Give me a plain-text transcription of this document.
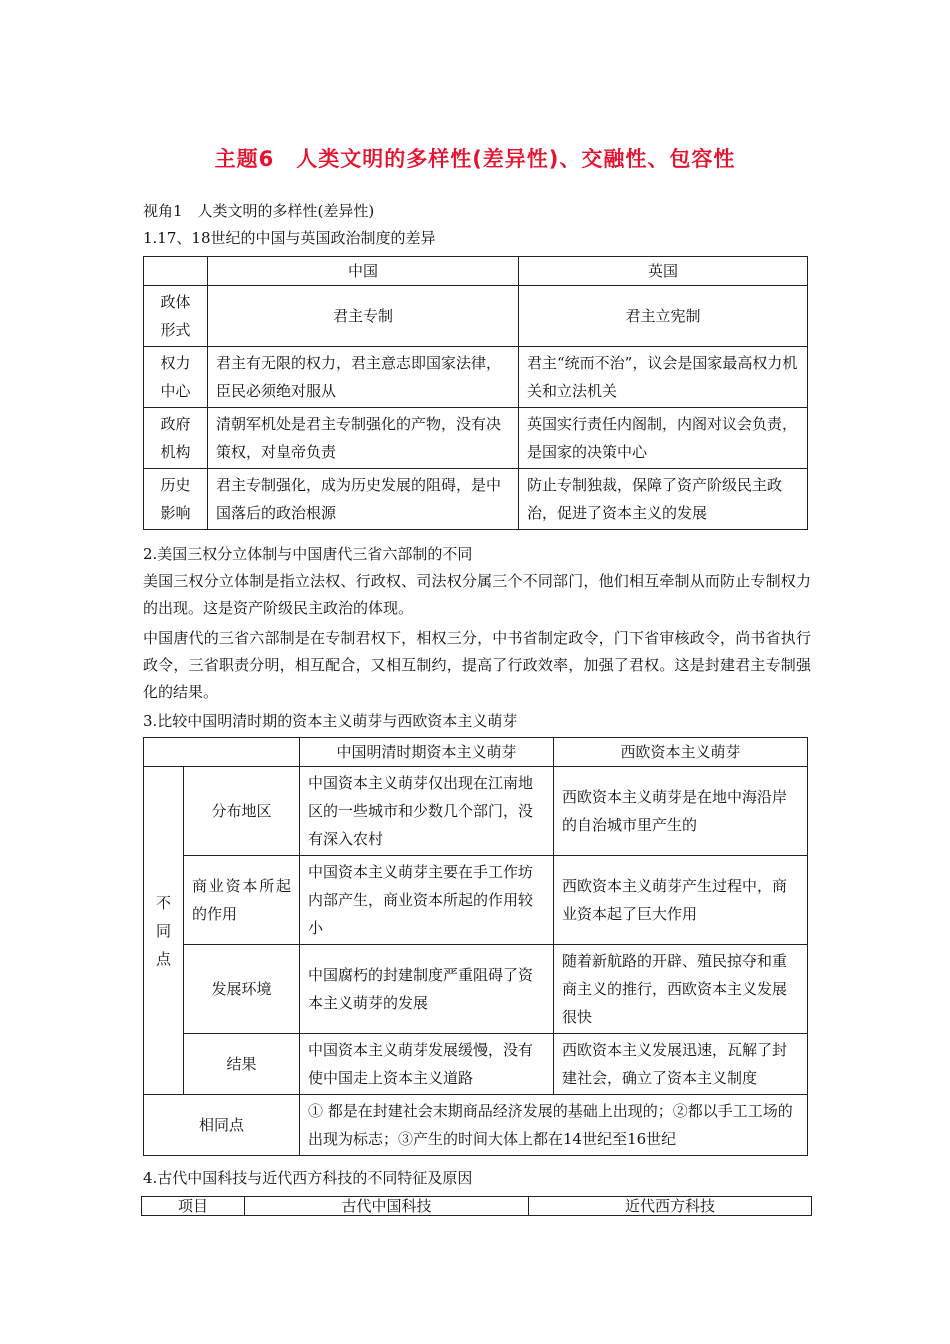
主题6　人类文明的多样性(差异性)、交融性、包容性
视角1　人类文明的多样性(差异性)
1.17、18世纪的中国与英国政治制度的差异
	中国	英国
政体
形式	君主专制	君主立宪制
权力
中心	君主有无限的权力，君主意志即国家法律，臣民必须绝对服从	君主“统而不治”，议会是国家最高权力机关和立法机关
政府
机构	清朝军机处是君主专制强化的产物，没有决策权，对皇帝负责	英国实行责任内阁制，内阁对议会负责，是国家的决策中心
历史
影响	君主专制强化，成为历史发展的阻碍，是中国落后的政治根源	防止专制独裁，保障了资产阶级民主政治，促进了资本主义的发展
2.美国三权分立体制与中国唐代三省六部制的不同

美国三权分立体制是指立法权、行政权、司法权分属三个不同部门，他们相互牵制从而防止专制权力的出现。这是资产阶级民主政治的体现。

中国唐代的三省六部制是在专制君权下，相权三分，中书省制定政令，门下省审核政令，尚书省执行政令，三省职责分明，相互配合，又相互制约，提高了行政效率，加强了君权。这是封建君主专制强化的结果。

3.比较中国明清时期的资本主义萌芽与西欧资本主义萌芽
		中国明清时期资本主义萌芽	西欧资本主义萌芽
不
同
点	分布地区	中国资本主义萌芽仅出现在江南地区的一些城市和少数几个部门，没有深入农村	西欧资本主义萌芽是在地中海沿岸的自治城市里产生的
	商业资本所起的作用	中国资本主义萌芽主要在手工作坊内部产生，商业资本所起的作用较小	西欧资本主义萌芽产生过程中，商业资本起了巨大作用
	发展环境	中国腐朽的封建制度严重阻碍了资本主义萌芽的发展	随着新航路的开辟、殖民掠夺和重商主义的推行，西欧资本主义发展很快
	结果	中国资本主义萌芽发展缓慢，没有使中国走上资本主义道路	西欧资本主义发展迅速，瓦解了封建社会，确立了资本主义制度
相同点		① 都是在封建社会末期商品经济发展的基础上出现的；②都以手工工场的出现为标志；③产生的时间大体上都在14世纪至16世纪	
4.古代中国科技与近代西方科技的不同特征及原因
项目	古代中国科技	近代西方科技
